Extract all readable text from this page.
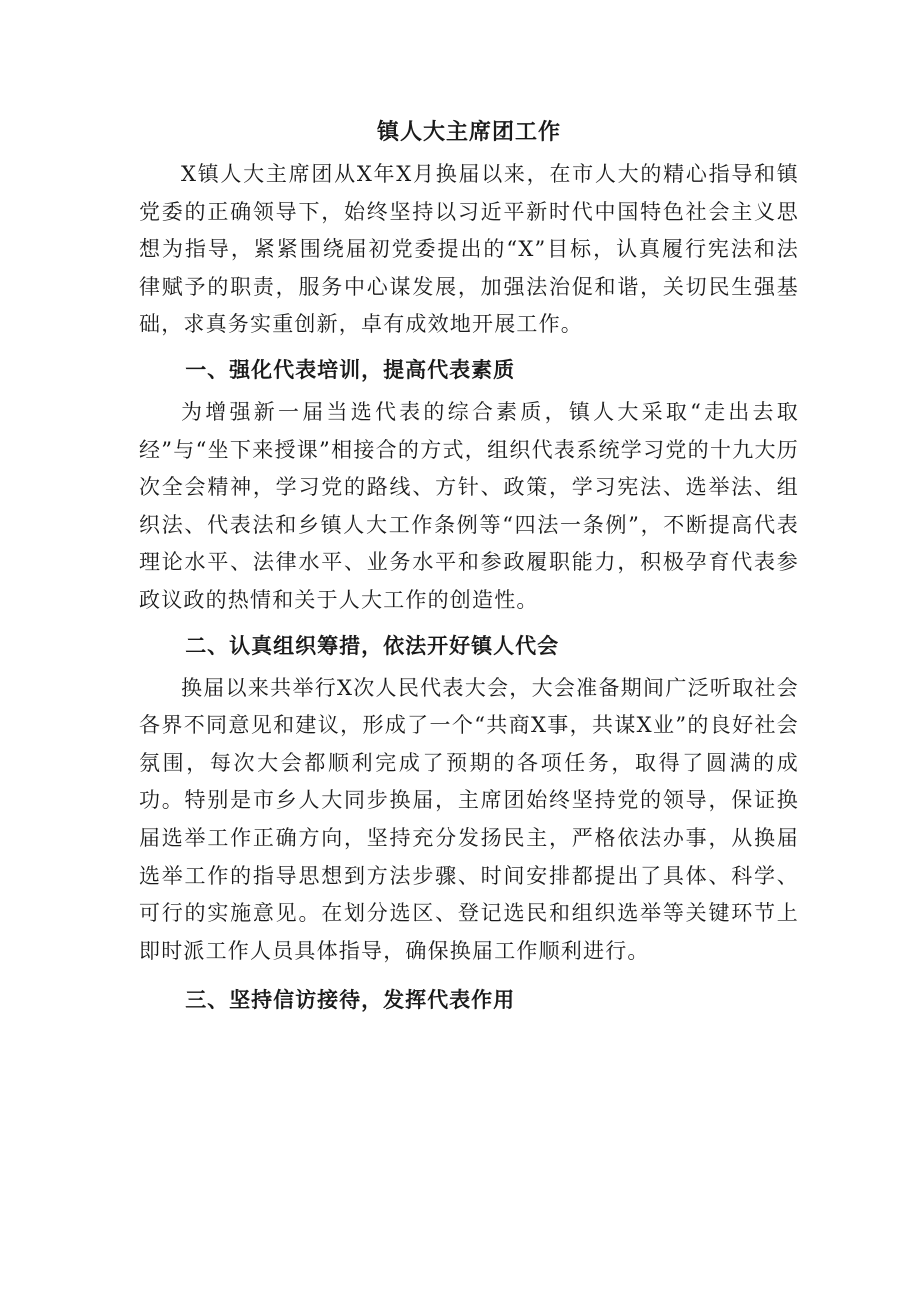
镇人大主席团工作

X镇人大主席团从X年X月换届以来，在市人大的精心指导和镇党委的正确领导下，始终坚持以习近平新时代中国特色社会主义思想为指导，紧紧围绕届初党委提出的“X”目标，认真履行宪法和法律赋予的职责，服务中心谋发展，加强法治促和谐，关切民生强基础，求真务实重创新，卓有成效地开展工作。

一、强化代表培训，提高代表素质

为增强新一届当选代表的综合素质，镇人大采取“走出去取经”与“坐下来授课”相接合的方式，组织代表系统学习党的十九大历次全会精神，学习党的路线、方针、政策，学习宪法、选举法、组织法、代表法和乡镇人大工作条例等“四法一条例”，不断提高代表理论水平、法律水平、业务水平和参政履职能力，积极孕育代表参政议政的热情和关于人大工作的创造性。

二、认真组织筹措，依法开好镇人代会

换届以来共举行X次人民代表大会，大会准备期间广泛听取社会各界不同意见和建议，形成了一个“共商X事，共谋X业”的良好社会氛围，每次大会都顺利完成了预期的各项任务，取得了圆满的成功。特别是市乡人大同步换届，主席团始终坚持党的领导，保证换届选举工作正确方向，坚持充分发扬民主，严格依法办事，从换届选举工作的指导思想到方法步骤、时间安排都提出了具体、科学、可行的实施意见。在划分选区、登记选民和组织选举等关键环节上即时派工作人员具体指导，确保换届工作顺利进行。

三、坚持信访接待，发挥代表作用
